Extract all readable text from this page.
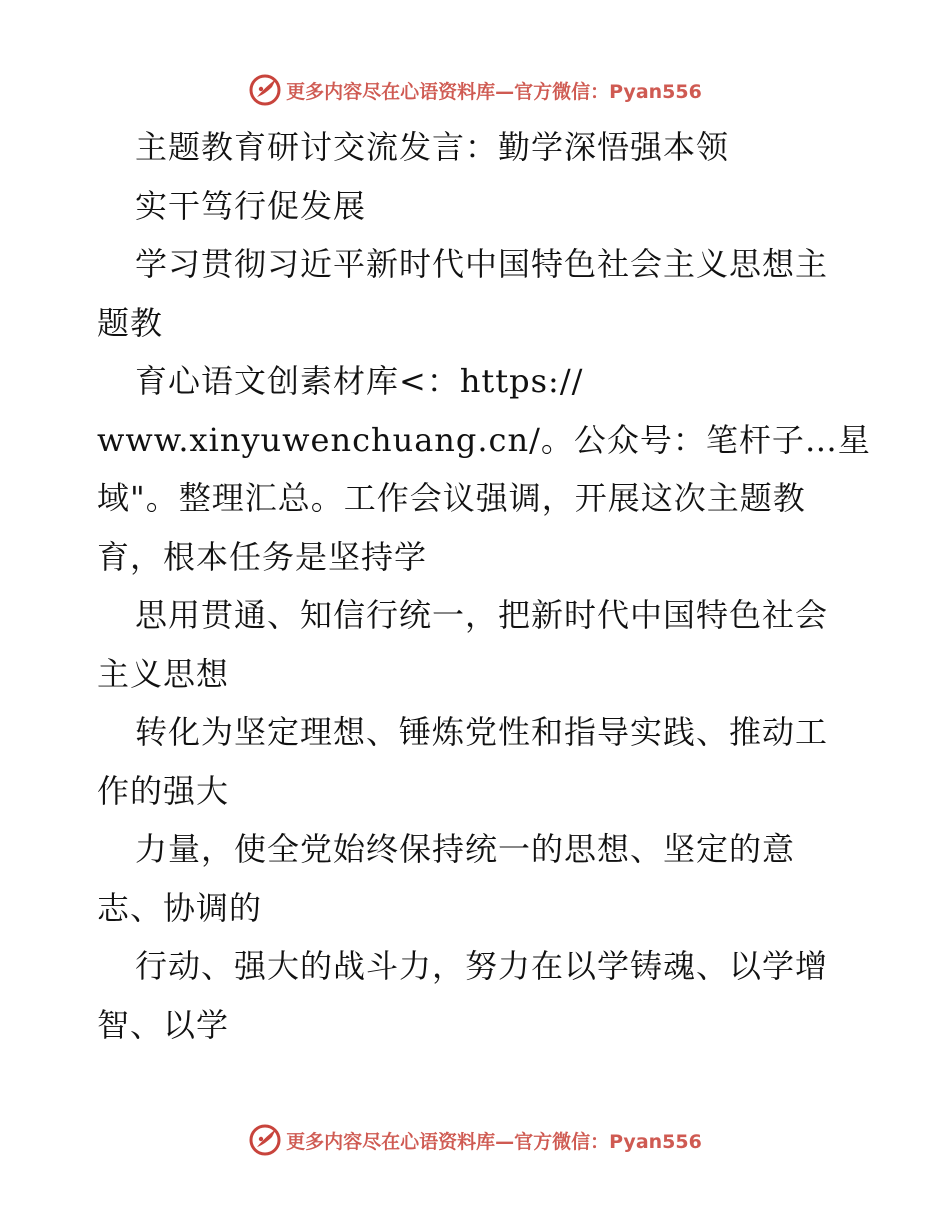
更多内容尽在心语资料库—官方微信：Pyan556

主题教育研讨交流发言：勤学深悟强本领

实干笃行促发展

学习贯彻习近平新时代中国特色社会主义思想主

题教

育心语文创素材库<：https://

www.xinyuwenchuang.cn/。公众号：笔杆子…星

域"。整理汇总。工作会议强调，开展这次主题教

育，根本任务是坚持学

思用贯通、知信行统一，把新时代中国特色社会

主义思想

转化为坚定理想、锤炼党性和指导实践、推动工

作的强大

力量，使全党始终保持统一的思想、坚定的意

志、协调的

行动、强大的战斗力，努力在以学铸魂、以学增

智、以学

更多内容尽在心语资料库—官方微信：Pyan556
